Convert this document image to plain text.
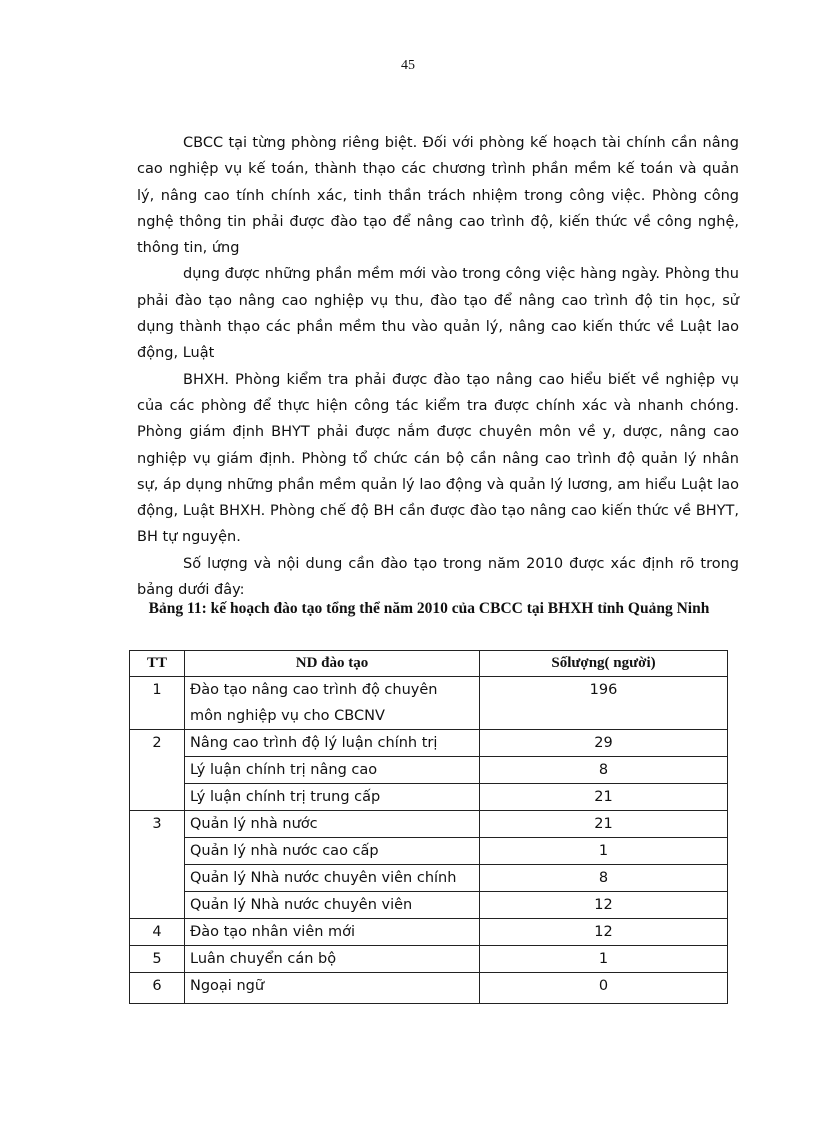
45

CBCC tại từng phòng riêng biệt. Đối với phòng kế hoạch tài chính cần nâng cao nghiệp vụ kế toán, thành thạo các chương trình phần mềm kế toán và quản lý, nâng cao tính chính xác, tinh thần trách nhiệm trong công việc. Phòng công nghệ thông tin phải được đào tạo để nâng cao trình độ, kiến thức về công nghệ, thông tin, ứng

dụng được những phần mềm mới vào trong công việc hàng ngày. Phòng thu phải đào tạo nâng cao nghiệp vụ thu, đào tạo để nâng cao trình độ tin học, sử dụng thành thạo các phần mềm thu vào quản lý, nâng cao kiến thức về Luật lao động, Luật

BHXH. Phòng kiểm tra phải được đào tạo nâng cao hiểu biết về nghiệp vụ của các phòng để thực hiện công tác kiểm tra được chính xác và nhanh chóng. Phòng giám định BHYT phải được nắm được chuyên môn về y, dược, nâng cao nghiệp vụ giám định. Phòng tổ chức cán bộ cần nâng cao trình độ quản lý nhân sự, áp dụng những phần mềm quản lý lao động và quản lý lương, am hiểu Luật lao động, Luật BHXH. Phòng chế độ BH cần được đào tạo nâng cao kiến thức về BHYT, BH tự nguyện.

Số lượng và nội dung cần đào tạo trong năm 2010 được xác định rõ trong bảng dưới đây:

Bảng 11: kế hoạch đào tạo tổng thể năm 2010 của CBCC tại BHXH tỉnh Quảng Ninh
TT	ND đào tạo	Sốlượng( người)
1	Đào tạo nâng cao trình độ chuyên môn nghiệp vụ cho CBCNV	196
2	Nâng cao trình độ lý luận chính trị	29
	Lý luận chính trị nâng cao	8
	Lý luận chính trị trung cấp	21
3	Quản lý nhà nước	21
	Quản lý nhà nước cao cấp	1
	Quản lý Nhà nước chuyên viên chính	8
	Quản lý Nhà nước chuyên viên	12
4	Đào tạo nhân viên mới	12
5	Luân chuyển cán bộ	1
6	Ngoại ngữ	0
